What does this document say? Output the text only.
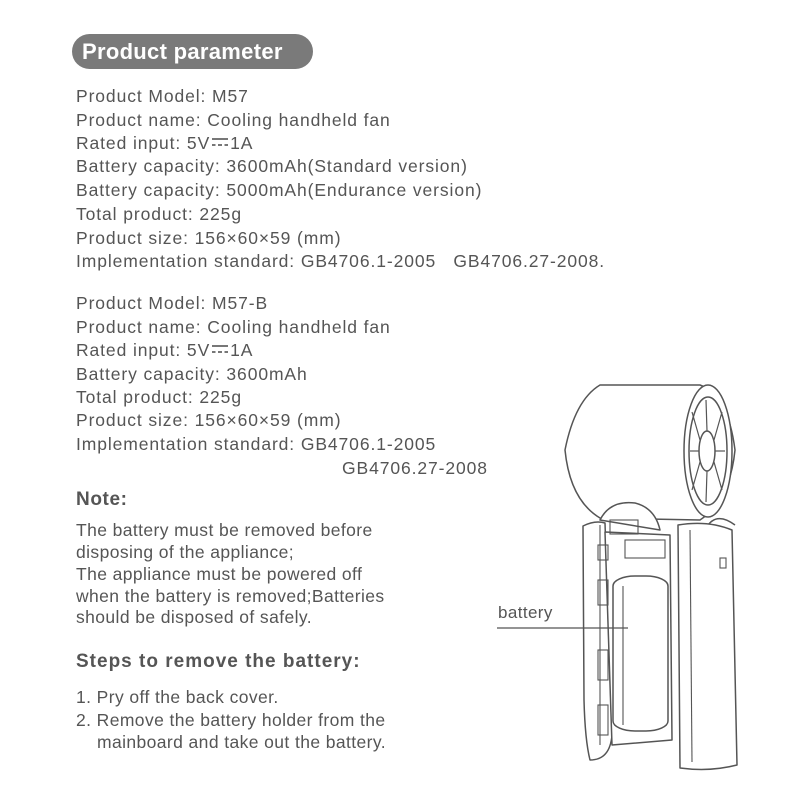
Product parameter
Product Model: M57
Product name: Cooling handheld fan
Rated input: 5V 1A
Battery capacity: 3600mAh(Standard version)
Battery capacity: 5000mAh(Endurance version)
Total product: 225g
Product size: 156×60×59 (mm)
Implementation standard: GB4706.1-2005   GB4706.27-2008.
Product Model: M57-B
Product name: Cooling handheld fan
Rated input: 5V 1A
Battery capacity: 3600mAh
Total product: 225g
Product size: 156×60×59 (mm)
Implementation standard: GB4706.1-2005
GB4706.27-2008
Note:
The battery must be removed before
disposing of the appliance;
The appliance must be powered off
when the battery is removed;Batteries
should be disposed of safely.
Steps to remove the battery:
1. Pry off the back cover.
2. Remove the battery holder from the
mainboard and take out the battery.
battery
